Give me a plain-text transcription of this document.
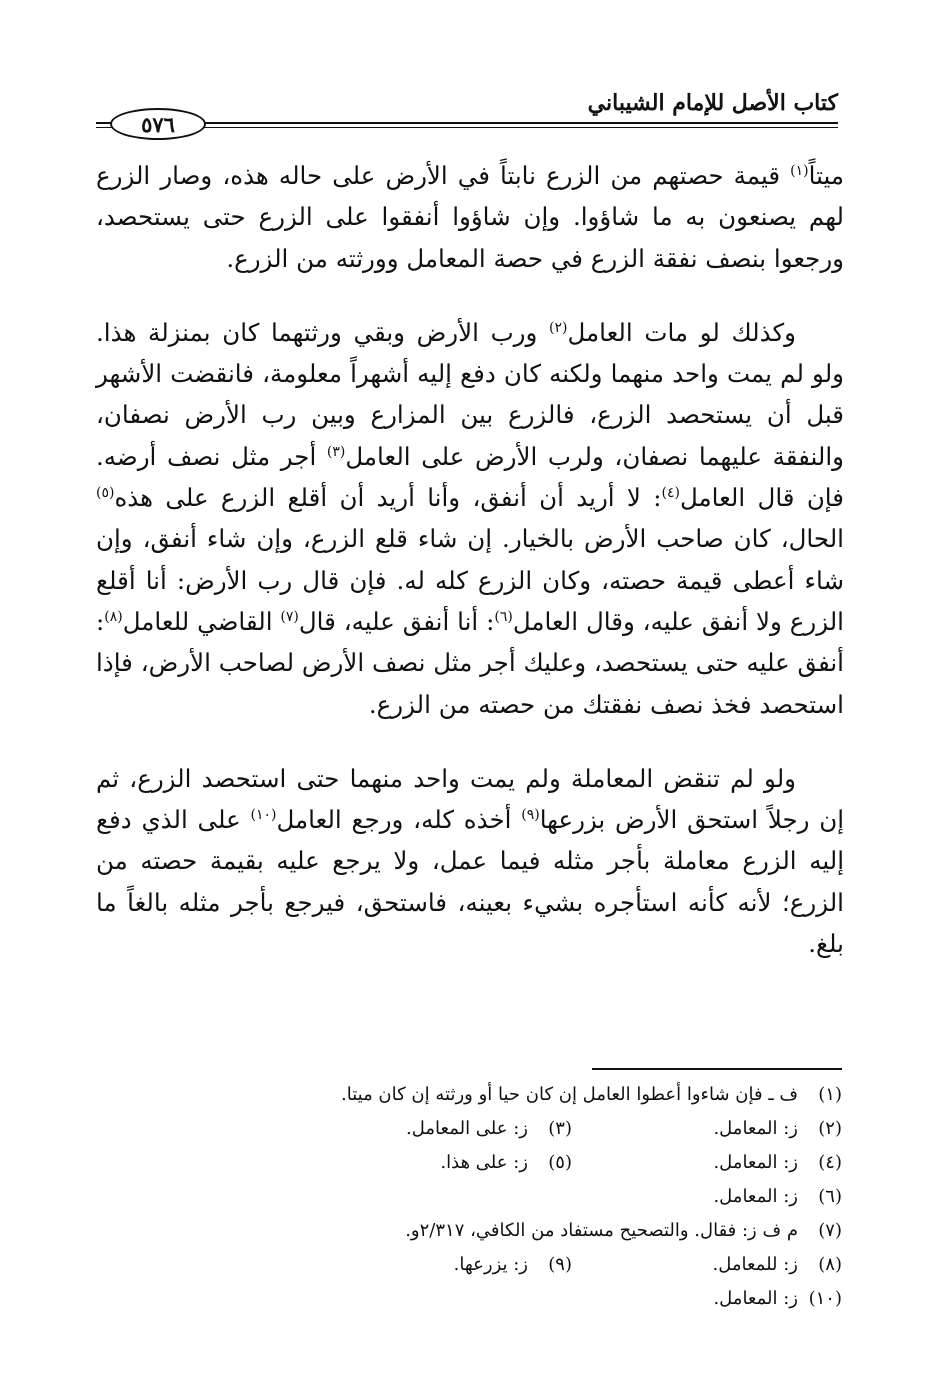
كتاب الأصل للإمام الشيباني
٥٧٦

ميتاً$^{(١)}$ قيمة حصتهم من الزرع نابتاً في الأرض على حاله هذه، وصار الزرع لهم يصنعون به ما شاؤوا. وإن شاؤوا أنفقوا على الزرع حتى يستحصد، ورجعوا بنصف نفقة الزرع في حصة المعامل وورثته من الزرع.

وكذلك لو مات العامل$^{(٢)}$ ورب الأرض وبقي ورثتهما كان بمنزلة هذا. ولو لم يمت واحد منهما ولكنه كان دفع إليه أشهراً معلومة، فانقضت الأشهر قبل أن يستحصد الزرع، فالزرع بين المزارع وبين رب الأرض نصفان، والنفقة عليهما نصفان، ولرب الأرض على العامل$^{(٣)}$ أجر مثل نصف أرضه. فإن قال العامل$^{(٤)}$: لا أريد أن أنفق، وأنا أريد أن أقلع الزرع على هذه$^{(٥)}$ الحال، كان صاحب الأرض بالخيار. إن شاء قلع الزرع، وإن شاء أنفق، وإن شاء أعطى قيمة حصته، وكان الزرع كله له. فإن قال رب الأرض: أنا أقلع الزرع ولا أنفق عليه، وقال العامل$^{(٦)}$: أنا أنفق عليه، قال$^{(٧)}$ القاضي للعامل$^{(٨)}$: أنفق عليه حتى يستحصد، وعليك أجر مثل نصف الأرض لصاحب الأرض، فإذا استحصد فخذ نصف نفقتك من حصته من الزرع.

ولو لم تنقض المعاملة ولم يمت واحد منهما حتى استحصد الزرع، ثم إن رجلاً استحق الأرض بزرعها$^{(٩)}$ أخذه كله، ورجع العامل$^{(١٠)}$ على الذي دفع إليه الزرع معاملة بأجر مثله فيما عمل، ولا يرجع عليه بقيمة حصته من الزرع؛ لأنه كأنه استأجره بشيء بعينه، فاستحق، فيرجع بأجر مثله بالغاً ما بلغ.

(١)
ف ـ فإن شاءوا أعطوا العامل إن كان حيا أو ورثته إن كان ميتا.
(٢)
ز: المعامل.
(٣)
ز: على المعامل.
(٤)
ز: المعامل.
(٥)
ز: على هذا.
(٦)
ز: المعامل.
(٧)
م ف ز: فقال. والتصحيح مستفاد من الكافي، ٢/٣١٧و.
(٨)
ز: للمعامل.
(٩)
ز: يزرعها.
(١٠)
ز: المعامل.
